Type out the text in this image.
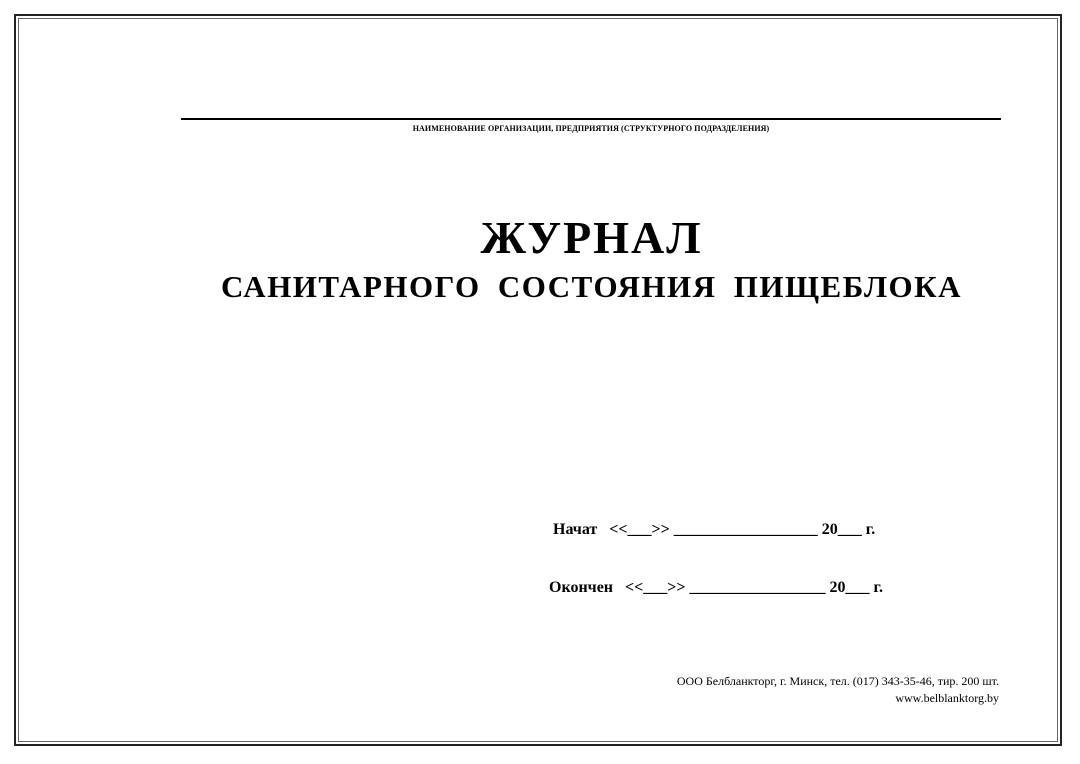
НАИМЕНОВАНИЕ ОРГАНИЗАЦИИ, ПРЕДПРИЯТИЯ (СТРУКТУРНОГО ПОДРАЗДЕЛЕНИЯ)
ЖУРНАЛ
САНИТАРНОГО СОСТОЯНИЯ ПИЩЕБЛОКА
Начат   <<___>> __________________ 20___ г.
Окончен   <<___>> _________________ 20___ г.
ООО Белбланкторг, г. Минск, тел. (017) 343-35-46, тир. 200 шт.
www.belblanktorg.by
